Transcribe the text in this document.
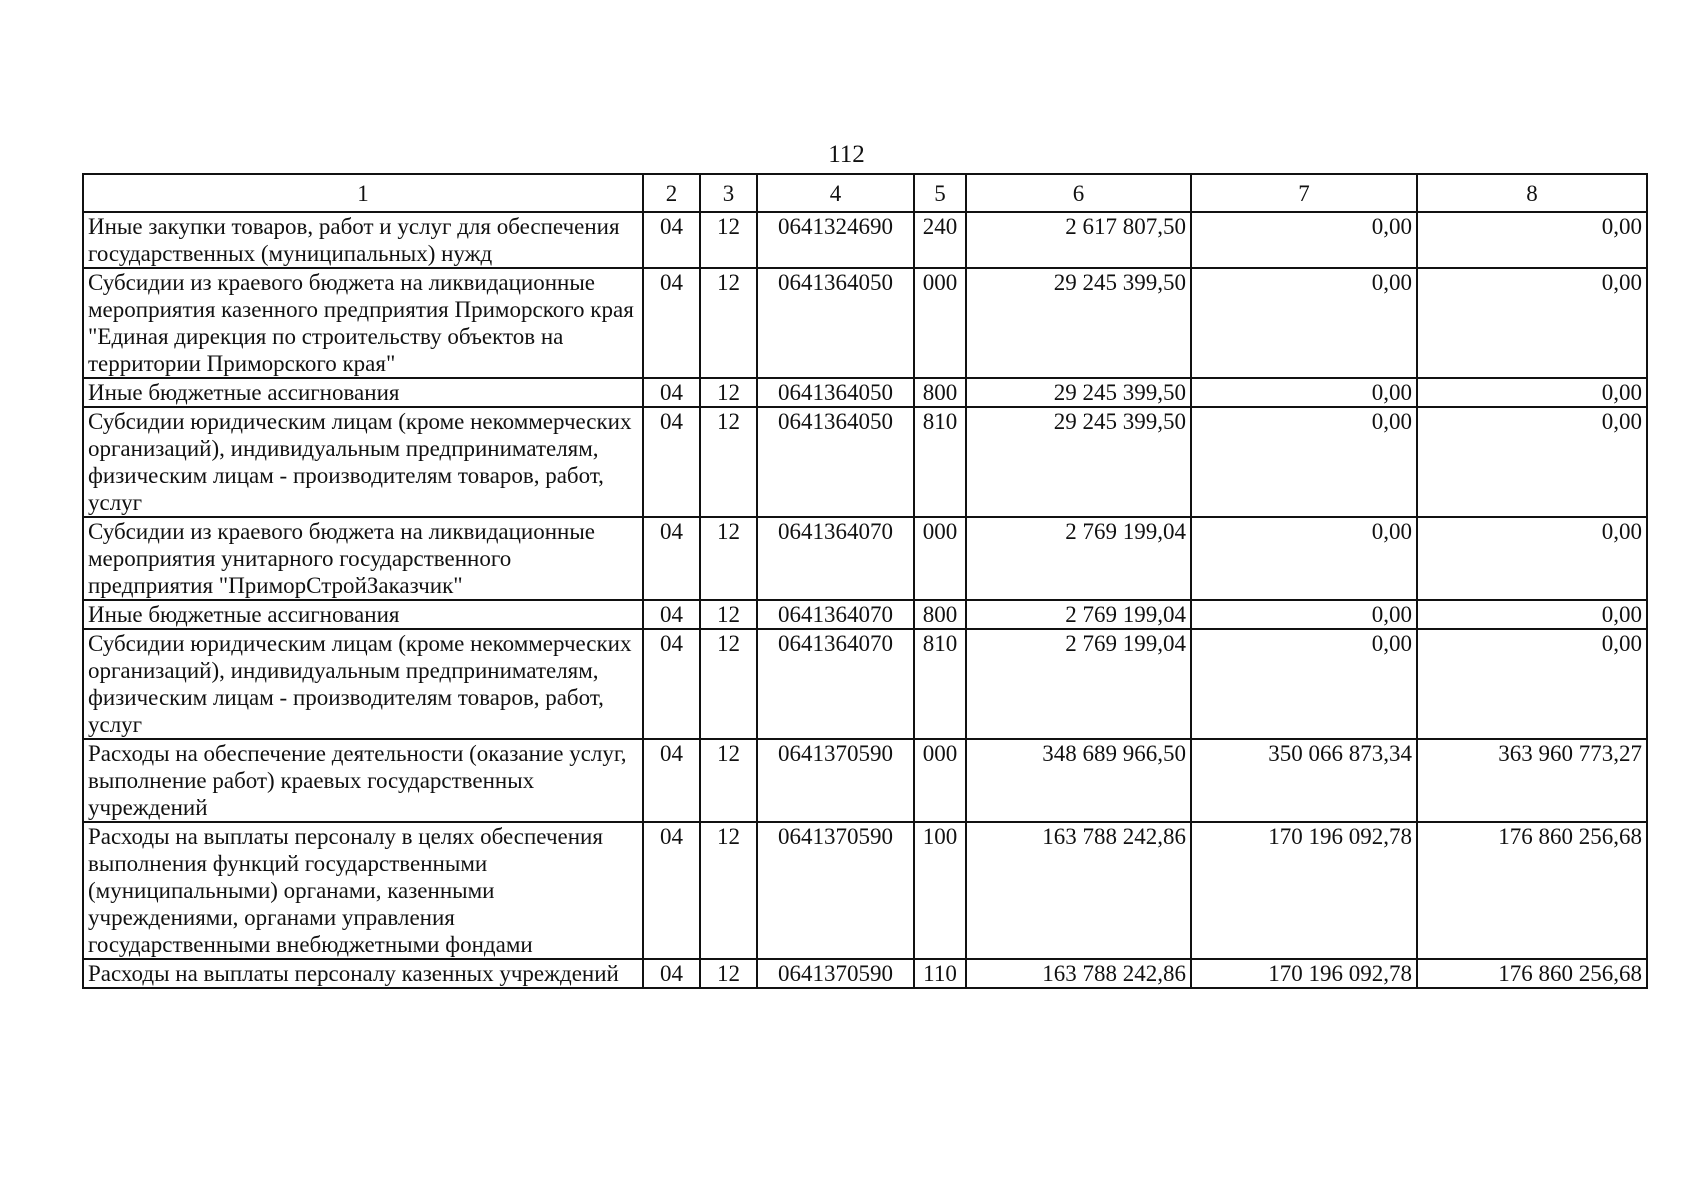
112
1	2	3	4	5	6	7	8
Иные закупки товаров, работ и услуг для обеспечения государственных (муниципальных) нужд	04	12	0641324690	240	2 617 807,50	0,00	0,00
Субсидии из краевого бюджета на ликвидационные мероприятия казенного предприятия Приморского края "Единая дирекция по строительству объектов на территории Приморского края"	04	12	0641364050	000	29 245 399,50	0,00	0,00
Иные бюджетные ассигнования	04	12	0641364050	800	29 245 399,50	0,00	0,00
Субсидии юридическим лицам (кроме некоммерческих организаций), индивидуальным предпринимателям, физическим лицам - производителям товаров, работ, услуг	04	12	0641364050	810	29 245 399,50	0,00	0,00
Субсидии из краевого бюджета на ликвидационные мероприятия унитарного государственного предприятия "ПриморСтройЗаказчик"	04	12	0641364070	000	2 769 199,04	0,00	0,00
Иные бюджетные ассигнования	04	12	0641364070	800	2 769 199,04	0,00	0,00
Субсидии юридическим лицам (кроме некоммерческих организаций), индивидуальным предпринимателям, физическим лицам - производителям товаров, работ, услуг	04	12	0641364070	810	2 769 199,04	0,00	0,00
Расходы на обеспечение деятельности (оказание услуг, выполнение работ) краевых государственных учреждений	04	12	0641370590	000	348 689 966,50	350 066 873,34	363 960 773,27
Расходы на выплаты персоналу в целях обеспечения выполнения функций государственными (муниципальными) органами, казенными учреждениями, органами управления государственными внебюджетными фондами	04	12	0641370590	100	163 788 242,86	170 196 092,78	176 860 256,68
Расходы на выплаты персоналу казенных учреждений	04	12	0641370590	110	163 788 242,86	170 196 092,78	176 860 256,68
